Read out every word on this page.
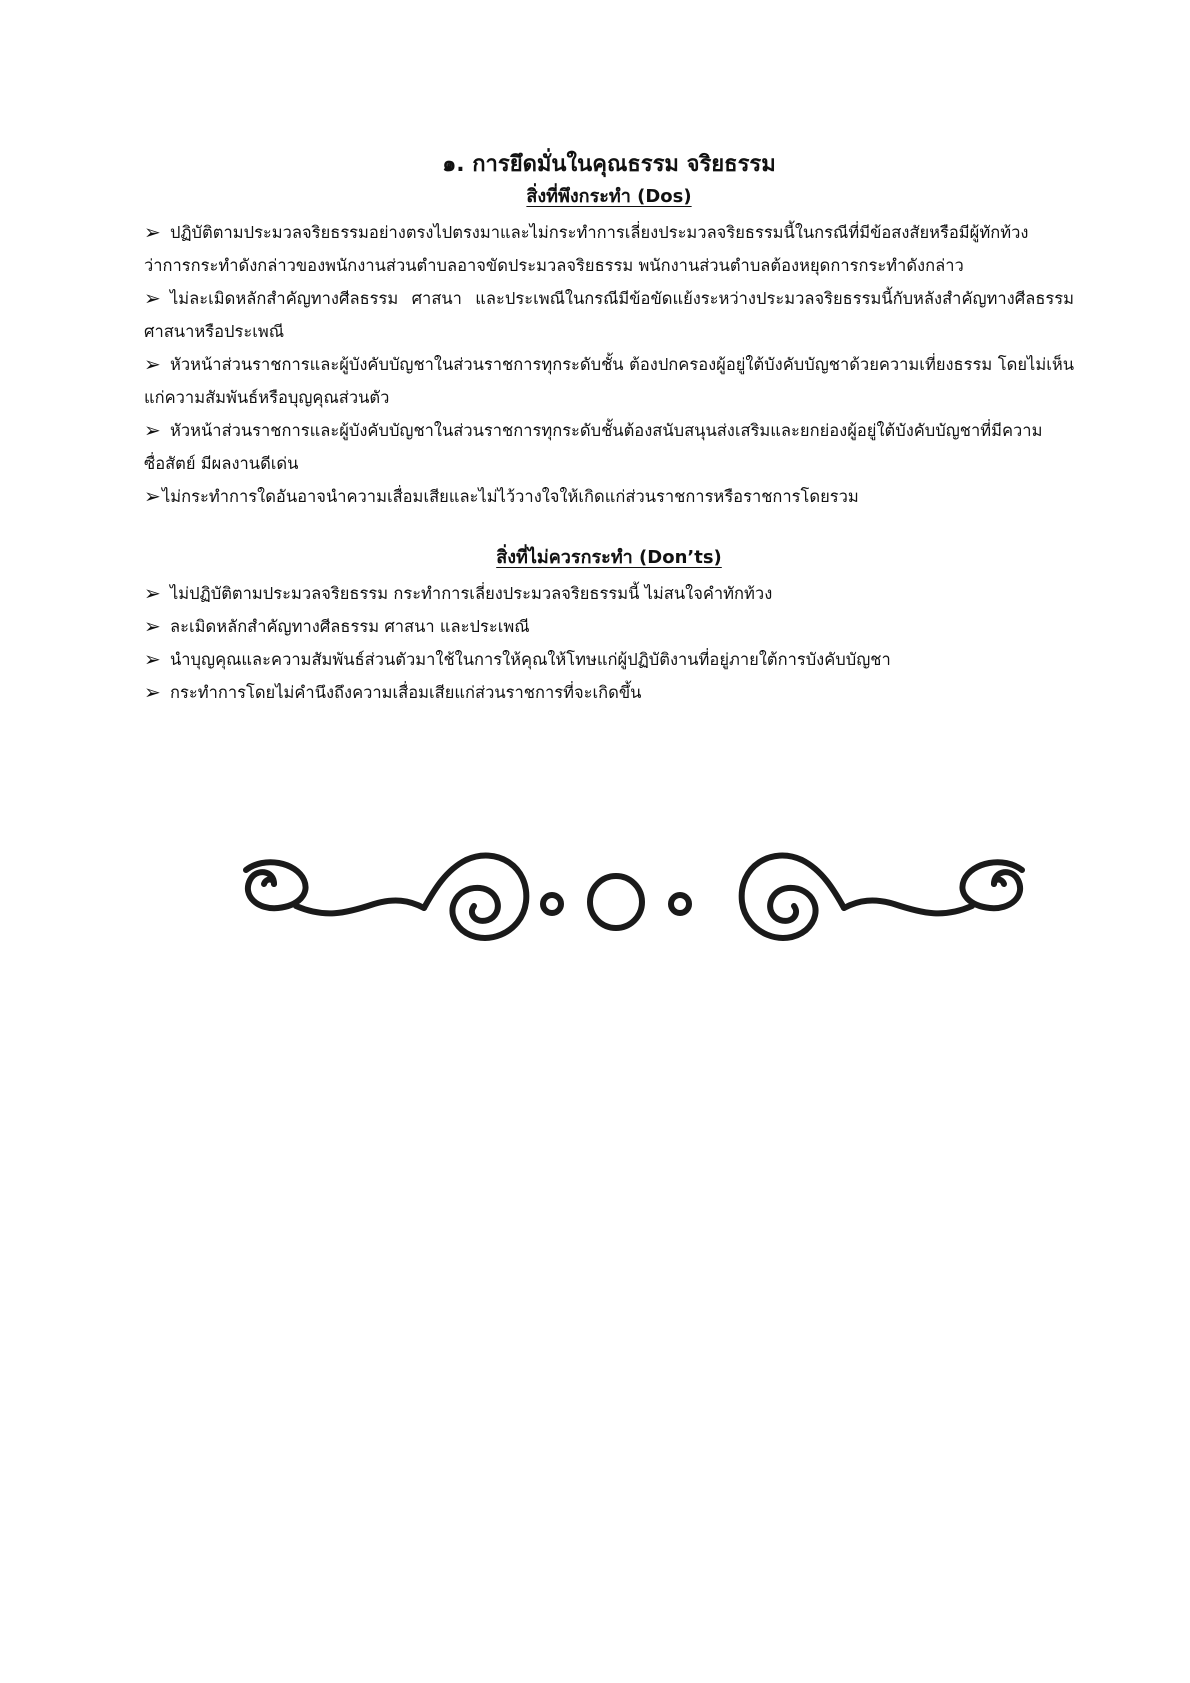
๑. การยึดมั่นในคุณธรรม จริยธรรม
สิ่งที่พึงกระทำ (Dos)
➢ ปฏิบัติตามประมวลจริยธรรมอย่างตรงไปตรงมาและไม่กระทำการเลี่ยงประมวลจริยธรรมนี้ในกรณีที่มีข้อสงสัยหรือมีผู้ทักท้วงว่าการกระทำดังกล่าวของพนักงานส่วนตำบลอาจขัดประมวลจริยธรรม พนักงานส่วนตำบลต้องหยุดการกระทำดังกล่าว
➢ ไม่ละเมิดหลักสำคัญทางศีลธรรม ศาสนา และประเพณีในกรณีมีข้อขัดแย้งระหว่างประมวลจริยธรรมนี้กับหลังสำคัญทางศีลธรรม ศาสนาหรือประเพณี
➢ หัวหน้าส่วนราชการและผู้บังคับบัญชาในส่วนราชการทุกระดับชั้น ต้องปกครองผู้อยู่ใต้บังคับบัญชาด้วยความเที่ยงธรรม โดยไม่เห็นแก่ความสัมพันธ์หรือบุญคุณส่วนตัว
➢ หัวหน้าส่วนราชการและผู้บังคับบัญชาในส่วนราชการทุกระดับชั้นต้องสนับสนุนส่งเสริมและยกย่องผู้อยู่ใต้บังคับบัญชาที่มีความซื่อสัตย์ มีผลงานดีเด่น
➢ไม่กระทำการใดอันอาจนำความเสื่อมเสียและไม่ไว้วางใจให้เกิดแก่ส่วนราชการหรือราชการโดยรวม
สิ่งที่ไม่ควรกระทำ (Don’ts)
➢ ไม่ปฏิบัติตามประมวลจริยธรรม กระทำการเลี่ยงประมวลจริยธรรมนี้ ไม่สนใจคำทักท้วง
➢ ละเมิดหลักสำคัญทางศีลธรรม ศาสนา และประเพณี
➢ นำบุญคุณและความสัมพันธ์ส่วนตัวมาใช้ในการให้คุณให้โทษแก่ผู้ปฏิบัติงานที่อยู่ภายใต้การบังคับบัญชา
➢ กระทำการโดยไม่คำนึงถึงความเสื่อมเสียแก่ส่วนราชการที่จะเกิดขึ้น
